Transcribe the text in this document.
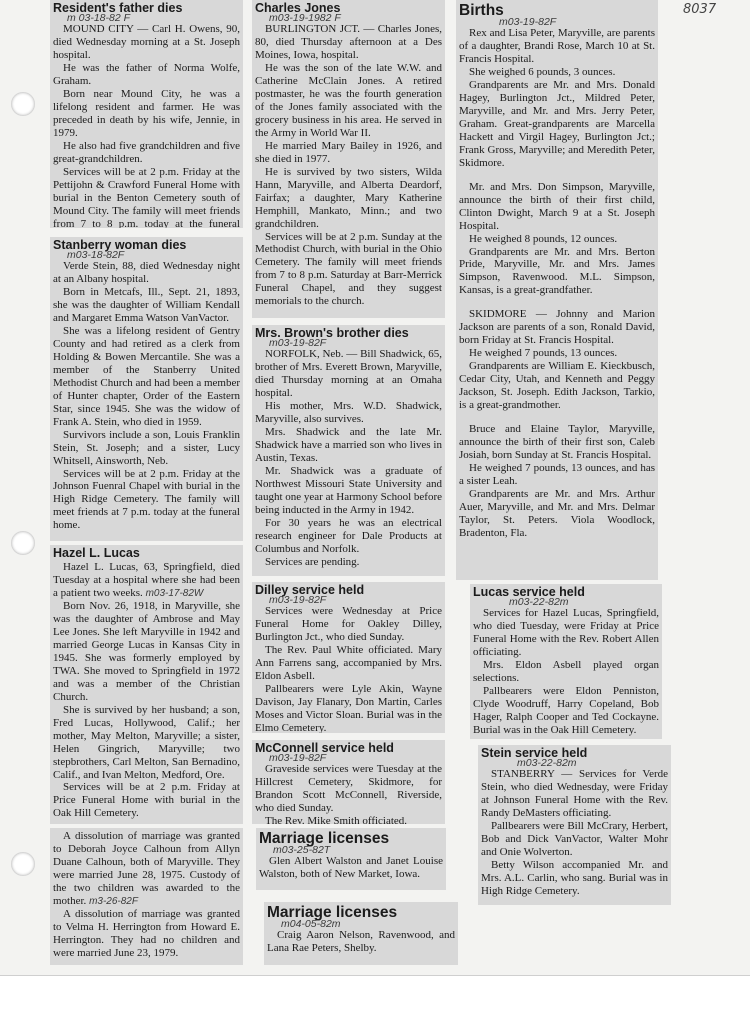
8037
Resident's father dies
m 03-18-82 F

MOUND CITY — Carl H. Owens, 90, died Wednesday morning at a St. Joseph hospital.

He was the father of Norma Wolfe, Graham.

Born near Mound City, he was a lifelong resident and farmer. He was preceded in death by his wife, Jennie, in 1979.

He also had five grandchildren and five great-grandchildren.

Services will be at 2 p.m. Friday at the Pettijohn & Crawford Funeral Home with burial in the Benton Cemetery south of Mound City. The family will meet friends from 7 to 8 p.m. today at the funeral

Stanberry woman dies
m03-18-82F

Verde Stein, 88, died Wednesday night at an Albany hospital.

Born in Metcafs, Ill., Sept. 21, 1893, she was the daughter of William Kendall and Margaret Emma Watson VanVactor.

She was a lifelong resident of Gentry County and had retired as a clerk from Holding & Bowen Mercantile. She was a member of the Stanberry United Methodist Church and had been a member of Hunter chapter, Order of the Eastern Star, since 1945. She was the widow of Frank A. Stein, who died in 1959.

Survivors include a son, Louis Franklin Stein, St. Joseph; and a sister, Lucy Whitsell, Ainsworth, Neb.

Services will be at 2 p.m. Friday at the Johnson Fuenral Chapel with burial in the High Ridge Cemetery. The family will meet friends at 7 p.m. today at the funeral home.

Hazel L. Lucas

Hazel L. Lucas, 63, Springfield, died Tuesday at a hospital where she had been a patient two weeks. m03-17-82W

Born Nov. 26, 1918, in Maryville, she was the daughter of Ambrose and May Lee Jones. She left Maryville in 1942 and married George Lucas in Kansas City in 1945. She was formerly employed by TWA. She moved to Springfield in 1972 and was a member of the Christian Church.

She is survived by her husband; a son, Fred Lucas, Hollywood, Calif.; her mother, May Melton, Maryville; a sister, Helen Gingrich, Maryville; two stepbrothers, Carl Melton, San Bernadino, Calif., and Ivan Melton, Medford, Ore.

Services will be at 2 p.m. Friday at Price Funeral Home with burial in the Oak Hill Cemetery.

A dissolution of marriage was granted to Deborah Joyce Calhoun from Allyn Duane Calhoun, both of Maryville. They were married June 28, 1975. Custody of the two children was awarded to the mother. m3-26-82F

A dissolution of marriage was granted to Velma H. Herrington from Howard E. Herrington. They had no children and were married June 23, 1979.

Charles Jones
m03-19-1982 F

BURLINGTON JCT. — Charles Jones, 80, died Thursday afternoon at a Des Moines, Iowa, hospital.

He was the son of the late W.W. and Catherine McClain Jones. A retired postmaster, he was the fourth generation of the Jones family associated with the grocery business in his area. He served in the Army in World War II.

He married Mary Bailey in 1926, and she died in 1977.

He is survived by two sisters, Wilda Hann, Maryville, and Alberta Deardorf, Fairfax; a daughter, Mary Katherine Hemphill, Mankato, Minn.; and two grandchildren.

Services will be at 2 p.m. Sunday at the Methodist Church, with burial in the Ohio Cemetery. The family will meet friends from 7 to 8 p.m. Saturday at Barr-Merrick Funeral Chapel, and they suggest memorials to the church.

Mrs. Brown's brother dies
m03-19-82F

NORFOLK, Neb. — Bill Shadwick, 65, brother of Mrs. Everett Brown, Maryville, died Thursday morning at an Omaha hospital.

His mother, Mrs. W.D. Shadwick, Maryville, also survives.

Mrs. Shadwick and the late Mr. Shadwick have a married son who lives in Austin, Texas.

Mr. Shadwick was a graduate of Northwest Missouri State University and taught one year at Harmony School before being inducted in the Army in 1942.

For 30 years he was an electrical research engineer for Dale Products at Columbus and Norfolk.

Services are pending.

Dilley service held
m03-19-82F

Services were Wednesday at Price Funeral Home for Oakley Dilley, Burlington Jct., who died Sunday.

The Rev. Paul White officiated. Mary Ann Farrens sang, accompanied by Mrs. Eldon Asbell.

Pallbearers were Lyle Akin, Wayne Davison, Jay Flanary, Don Martin, Carles Moses and Victor Sloan. Burial was in the Elmo Cemetery.

McConnell service held
m03-19-82F

Graveside services were Tuesday at the Hillcrest Cemetery, Skidmore, for Brandon Scott McConnell, Riverside, who died Sunday.

The Rev. Mike Smith officiated.

Marriage licenses
m03-25-82T

Glen Albert Walston and Janet Louise Walston, both of New Market, Iowa.

Marriage licenses
m04-05-82m

Craig Aaron Nelson, Ravenwood, and Lana Rae Peters, Shelby.

Births
m03-19-82F

Rex and Lisa Peter, Maryville, are parents of a daughter, Brandi Rose, March 10 at St. Francis Hospital.

She weighed 6 pounds, 3 ounces.

Grandparents are Mr. and Mrs. Donald Hagey, Burlington Jct., Mildred Peter, Maryville, and Mr. and Mrs. Jerry Peter, Graham. Great-grandparents are Marcella Hackett and Virgil Hagey, Burlington Jct.; Frank Gross, Maryville; and Meredith Peter, Skidmore.

Mr. and Mrs. Don Simpson, Maryville, announce the birth of their first child, Clinton Dwight, March 9 at a St. Joseph Hospital.

He weighed 8 pounds, 12 ounces.

Grandparents are Mr. and Mrs. Berton Pride, Maryville, Mr. and Mrs. James Simpson, Ravenwood. M.L. Simpson, Kansas, is a great-grandfather.

SKIDMORE — Johnny and Marion Jackson are parents of a son, Ronald David, born Friday at St. Francis Hospital.

He weighed 7 pounds, 13 ounces.

Grandparents are William E. Kieckbusch, Cedar City, Utah, and Kenneth and Peggy Jackson, St. Joseph. Edith Jackson, Tarkio, is a great-grandmother.

Bruce and Elaine Taylor, Maryville, announce the birth of their first son, Caleb Josiah, born Sunday at St. Francis Hospital.

He weighed 7 pounds, 13 ounces, and has a sister Leah.

Grandparents are Mr. and Mrs. Arthur Auer, Maryville, and Mr. and Mrs. Delmar Taylor, St. Peters. Viola Woodlock, Bradenton, Fla.

Lucas service held
m03-22-82m

Services for Hazel Lucas, Springfield, who died Tuesday, were Friday at Price Funeral Home with the Rev. Robert Allen officiating.

Mrs. Eldon Asbell played organ selections.

Pallbearers were Eldon Penniston, Clyde Woodruff, Harry Copeland, Bob Hager, Ralph Cooper and Ted Cockayne. Burial was in the Oak Hill Cemetery.

Stein service held
m03-22-82m

STANBERRY — Services for Verde Stein, who died Wednesday, were Friday at Johnson Funeral Home with the Rev. Randy DeMasters officiating.

Pallbearers were Bill McCrary, Herbert, Bob and Dick VanVactor, Walter Mohr and Onie Wolverton.

Betty Wilson accompanied Mr. and Mrs. A.L. Carlin, who sang. Burial was in High Ridge Cemetery.
